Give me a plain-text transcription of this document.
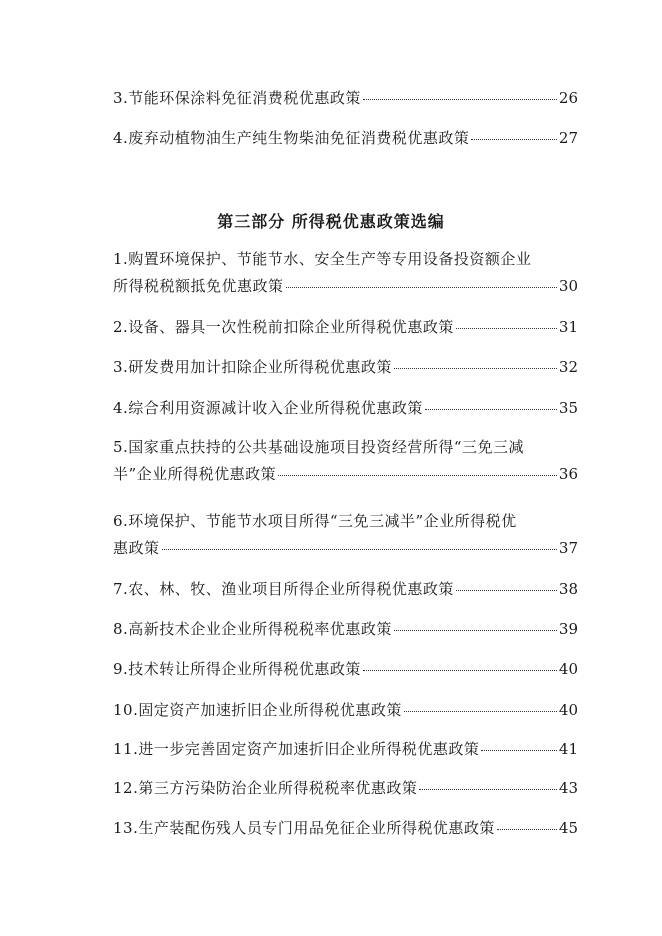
3.节能环保涂料免征消费税优惠政策	26
4.废弃动植物油生产纯生物柴油免征消费税优惠政策	27
第三部分 所得税优惠政策选编
1.购置环境保护、节能节水、安全生产等专用设备投资额企业
所得税税额抵免优惠政策	30
2.设备、器具一次性税前扣除企业所得税优惠政策	31
3.研发费用加计扣除企业所得税优惠政策	32
4.综合利用资源减计收入企业所得税优惠政策	35
5.国家重点扶持的公共基础设施项目投资经营所得“三免三减
半”企业所得税优惠政策	36
6.环境保护、节能节水项目所得“三免三减半”企业所得税优
惠政策	37
7.农、林、牧、渔业项目所得企业所得税优惠政策	38
8.高新技术企业企业所得税税率优惠政策	39
9.技术转让所得企业所得税优惠政策	40
10.固定资产加速折旧企业所得税优惠政策	40
11.进一步完善固定资产加速折旧企业所得税优惠政策	41
12.第三方污染防治企业所得税税率优惠政策	43
13.生产装配伤残人员专门用品免征企业所得税优惠政策	45
